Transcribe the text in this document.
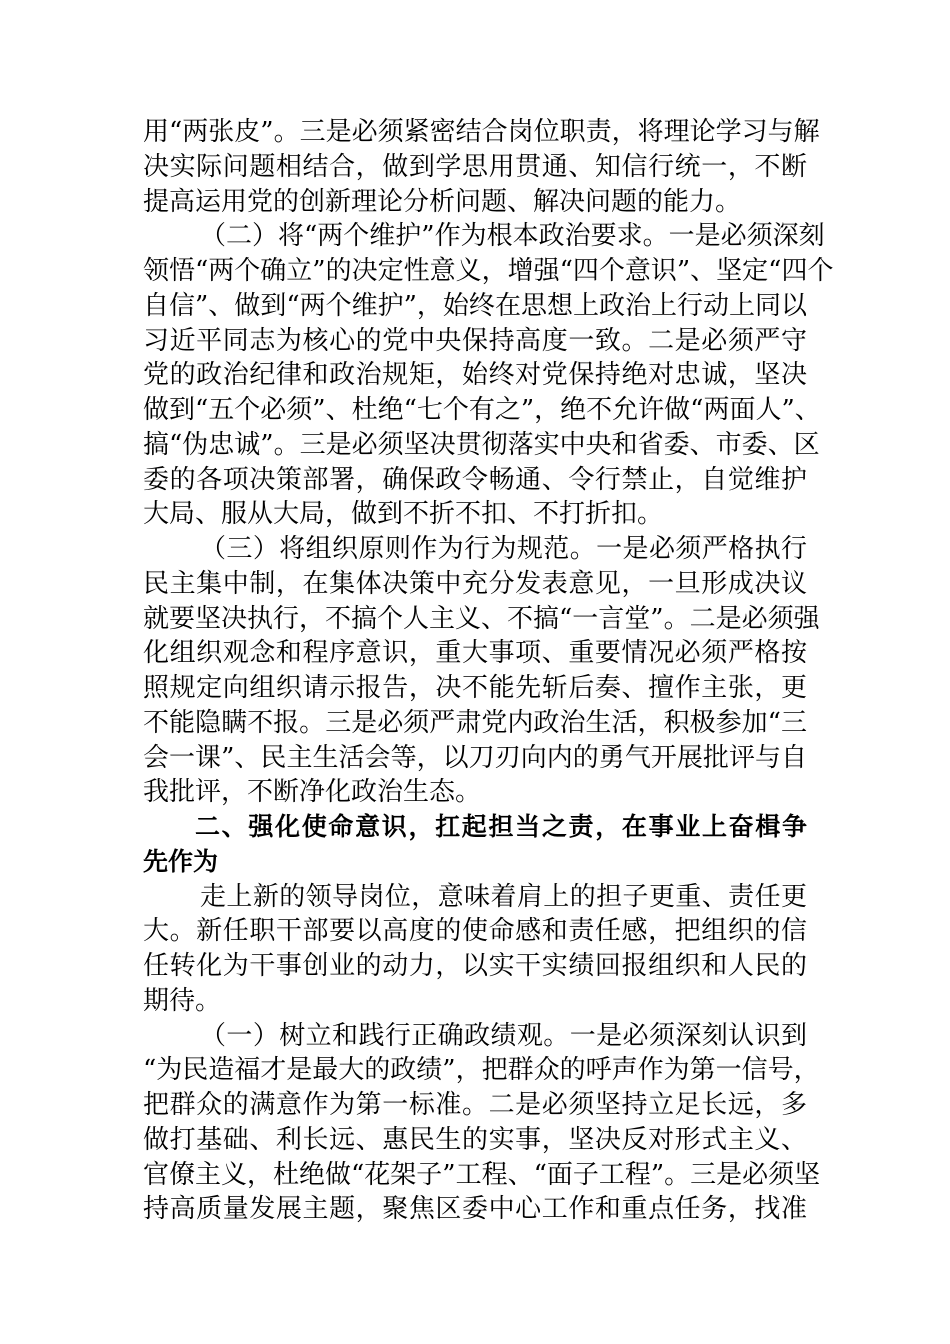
用“两张皮”。三是必须紧密结合岗位职责，将理论学习与解
决实际问题相结合，做到学思用贯通、知信行统一，不断
提高运用党的创新理论分析问题、解决问题的能力。
（二）将“两个维护”作为根本政治要求。一是必须深刻
领悟“两个确立”的决定性意义，增强“四个意识”、坚定“四个
自信”、做到“两个维护”，始终在思想上政治上行动上同以
习近平同志为核心的党中央保持高度一致。二是必须严守
党的政治纪律和政治规矩，始终对党保持绝对忠诚，坚决
做到“五个必须”、杜绝“七个有之”，绝不允许做“两面人”、
搞“伪忠诚”。三是必须坚决贯彻落实中央和省委、市委、区
委的各项决策部署，确保政令畅通、令行禁止，自觉维护
大局、服从大局，做到不折不扣、不打折扣。
（三）将组织原则作为行为规范。一是必须严格执行
民主集中制，在集体决策中充分发表意见，一旦形成决议
就要坚决执行，不搞个人主义、不搞“一言堂”。二是必须强
化组织观念和程序意识，重大事项、重要情况必须严格按
照规定向组织请示报告，决不能先斩后奏、擅作主张，更
不能隐瞒不报。三是必须严肃党内政治生活，积极参加“三
会一课”、民主生活会等，以刀刃向内的勇气开展批评与自
我批评，不断净化政治生态。
二、强化使命意识，扛起担当之责，在事业上奋楫争
先作为
走上新的领导岗位，意味着肩上的担子更重、责任更
大。新任职干部要以高度的使命感和责任感，把组织的信
任转化为干事创业的动力，以实干实绩回报组织和人民的
期待。
（一）树立和践行正确政绩观。一是必须深刻认识到
“为民造福才是最大的政绩”，把群众的呼声作为第一信号，
把群众的满意作为第一标准。二是必须坚持立足长远，多
做打基础、利长远、惠民生的实事，坚决反对形式主义、
官僚主义，杜绝做“花架子”工程、“面子工程”。三是必须坚
持高质量发展主题，聚焦区委中心工作和重点任务，找准
